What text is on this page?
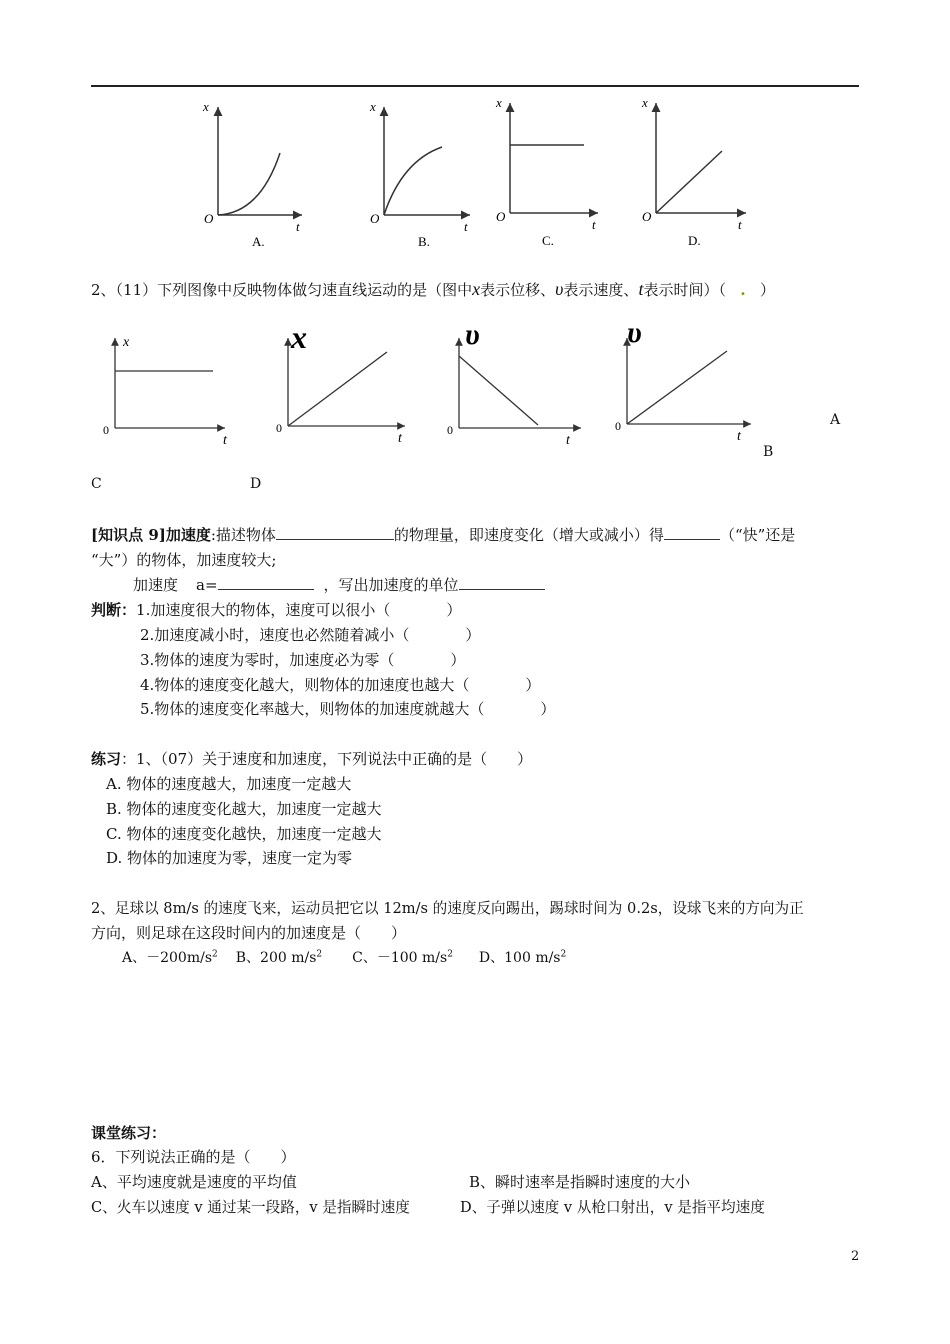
x
t
O
A.
x
t
O
B.
x
t
O
C.
x
t
O
D.
2、（11）下列图像中反映物体做匀速直线运动的是（图中x表示位移、υ表示速度、t表示时间）（ . ）
x
t
0
x
t
0
υ
t
0
υ
t
0	A
B
C	D
[知识点 9]加速度:描述物体	的物理量，即速度变化（增大或减小）得	（“快”还是
“大”）的物体，加速度较大;
加速度 a=	，写出加速度的单位
判断：1.加速度很大的物体，速度可以很小（	）
2.加速度减小时，速度也必然随着减小（	）
3.物体的速度为零时，加速度必为零（	）
4.物体的速度变化越大，则物体的加速度也越大（	）
5.物体的速度变化率越大，则物体的加速度就越大（	）
练习：1、（07）关于速度和加速度，下列说法中正确的是（　　）
A. 物体的速度越大，加速度一定越大
B. 物体的速度变化越大，加速度一定越大
C. 物体的速度变化越快，加速度一定越大
D. 物体的加速度为零，速度一定为零
2、足球以 8m/s 的速度飞来，运动员把它以 12m/s 的速度反向踢出，踢球时间为 0.2s，设球飞来的方向为正
方向，则足球在这段时间内的加速度是（　　）
A、$-200m/s^2$ B、200 $m/s^2$ C、－100 $m/s^2$ D、100 $m/s^2$
课堂练习：
6．下列说法正确的是（　　）
A、平均速度就是速度的平均值	B、瞬时速率是指瞬时速度的大小
C、火车以速度 v 通过某一段路，v 是指瞬时速度	D、子弹以速度 v 从枪口射出，v 是指平均速度
2
